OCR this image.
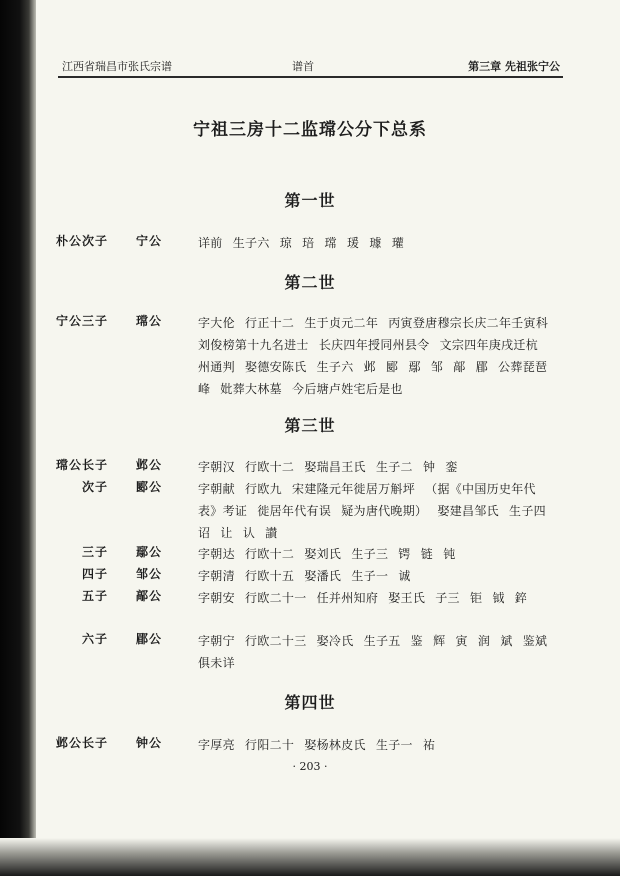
江西省瑞昌市张氏宗谱	谱首	第三章 先祖张宁公
宁祖三房十二监瑺公分下总系
第一世
朴公次子 宁公	详前 生子六 琼 琣 瑺 瑗 璩 瓘
第二世
宁公三子 瑺公	字大伦 行正十二 生于贞元二年 丙寅登唐穆宗长庆二年壬寅科刘俊榜第十九名进士 长庆四年授同州县令 文宗四年庚戌迁杭州通判 娶德安陈氏 生子六 邺 郾 鄢 邹 鄗 郿 公葬琵琶峰 妣葬大林墓 今后塘卢姓宅后是也
第三世
瑺公长子 邺公	字朝汉 行欧十二 娶瑞昌王氏 生子二 钟 銮
次子 郾公	字朝献 行欧九 宋建隆元年徙居万斛坪 （据《中国历史年代表》考证 徙居年代有误 疑为唐代晚期） 娶建昌邹氏 生子四 诏 让 认 讃
三子 鄢公	字朝达 行欧十二 娶刘氏 生子三 锷 链 钝
四子 邹公	字朝清 行欧十五 娶潘氏 生子一 诚
五子 鄗公	字朝安 行欧二十一 任并州知府 娶王氏 子三 钜 钺 錊
六子 郿公	字朝宁 行欧二十三 娶冷氏 生子五 鉴 辉 寅 润 斌 鉴斌俱未详
第四世
邺公长子 钟公	字厚亮 行阳二十 娶杨林皮氏 生子一 祐
· 203 ·
